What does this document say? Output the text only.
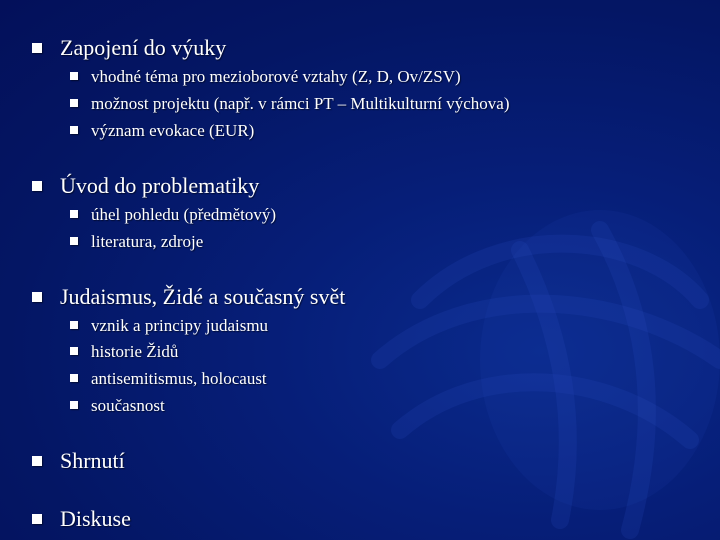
Zapojení do výuky
vhodné téma pro mezioborové vztahy (Z, D, Ov/ZSV)
možnost projektu (např. v rámci PT – Multikulturní výchova)
význam evokace (EUR)
Úvod do problematiky
úhel pohledu (předmětový)
literatura, zdroje
Judaismus, Židé a současný svět
vznik a principy judaismu
historie Židů
antisemitismus, holocaust
současnost
Shrnutí
Diskuse
